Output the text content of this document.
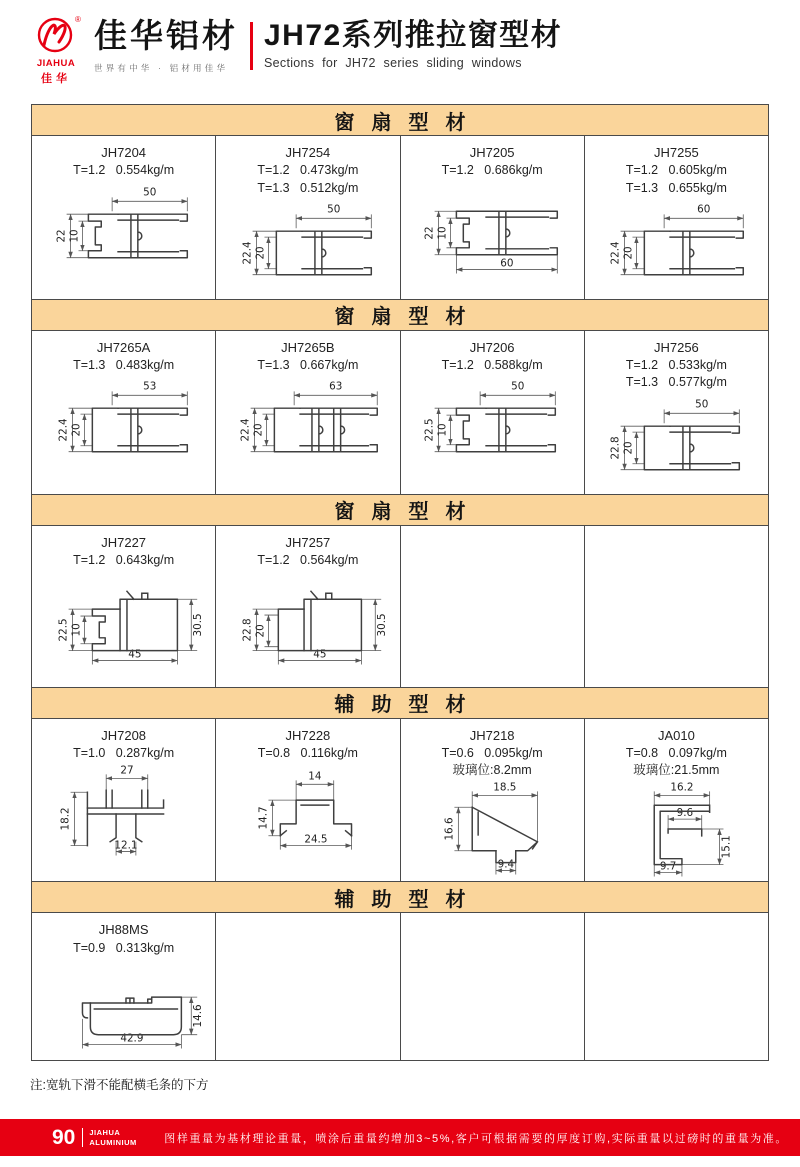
®
JIAHUA
佳华
佳华铝材
世界有中华 · 铝材用佳华
JH72系列推拉窗型材
Sections for JH72 series sliding windows
窗扇型材
JH7204
T=1.2   0.554kg/m
50
22 10
JH7254
T=1.2   0.473kg/m
T=1.3   0.512kg/m
50
22.4 20
JH7205
T=1.2   0.686kg/m
22 10
60
JH7255
T=1.2   0.605kg/m
T=1.3   0.655kg/m
60
22.4 20
窗扇型材
JH7265A
T=1.3   0.483kg/m
53
22.4 20
JH7265B
T=1.3   0.667kg/m
63
22.4 20
JH7206
T=1.2   0.588kg/m
50
22.5 10
JH7256
T=1.2   0.533kg/m
T=1.3   0.577kg/m
50
22.8 20
窗扇型材
JH7227
T=1.2   0.643kg/m
22.5 10	30.5
45
JH7257
T=1.2   0.564kg/m
22.8 20	30.5
45
辅助型材
JH7208
T=1.0   0.287kg/m
27
18.2
12.1
JH7228
T=0.8   0.116kg/m
14
14.7
24.5
JH7218
T=0.6   0.095kg/m
玻璃位:8.2mm
18.5
16.6
9.4
JA010
T=0.8   0.097kg/m
玻璃位:21.5mm
16.2
9.6
15.1
9.7
辅助型材
JH88MS
T=0.9   0.313kg/m
42.9
14.6
注:宽轨下滑不能配横毛条的下方
90 JIAHUA
ALUMINIUM 图样重量为基材理论重量，喷涂后重量约增加3~5%,客户可根据需要的厚度订购,实际重量以过磅时的重量为准。
